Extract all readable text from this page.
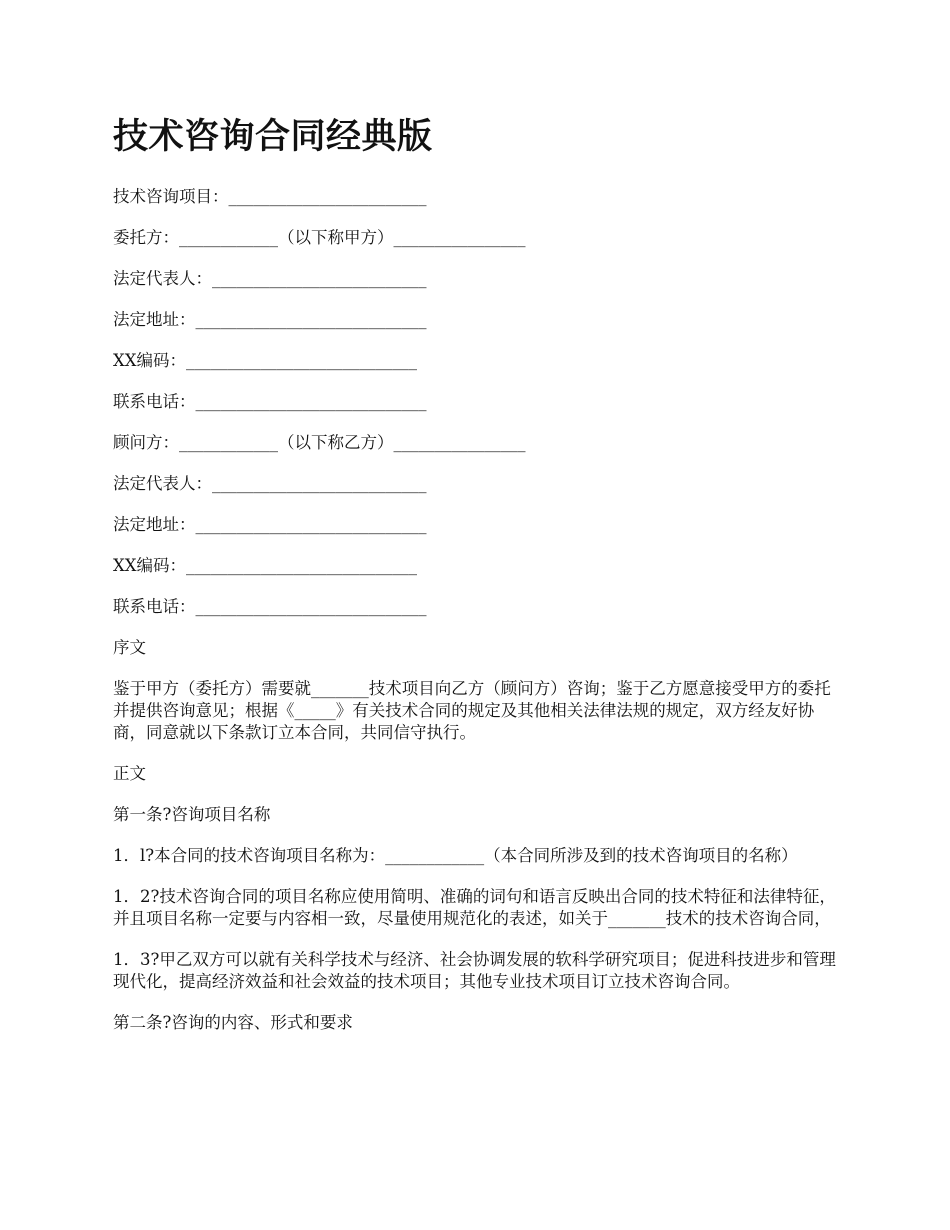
技术咨询合同经典版

技术咨询项目：________________________

委托方：____________（以下称甲方）________________

法定代表人：__________________________

法定地址：____________________________

XX编码：____________________________

联系电话：____________________________

顾问方：____________（以下称乙方）________________

法定代表人：__________________________

法定地址：____________________________

XX编码：____________________________

联系电话：____________________________

序文

鉴于甲方（委托方）需要就_______技术项目向乙方（顾问方）咨询；鉴于乙方愿意接受甲方的委托并提供咨询意见；根据《_____》有关技术合同的规定及其他相关法律法规的规定，双方经友好协商，同意就以下条款订立本合同，共同信守执行。

正文

第一条?咨询项目名称

1．l?本合同的技术咨询项目名称为：____________（本合同所涉及到的技术咨询项目的名称）

1．2?技术咨询合同的项目名称应使用简明、准确的词句和语言反映出合同的技术特征和法律特征，并且项目名称一定要与内容相一致，尽量使用规范化的表述，如关于_______技术的技术咨询合同，

1．3?甲乙双方可以就有关科学技术与经济、社会协调发展的软科学研究项目；促进科技进步和管理现代化，提高经济效益和社会效益的技术项目；其他专业技术项目订立技术咨询合同。

第二条?咨询的内容、形式和要求
